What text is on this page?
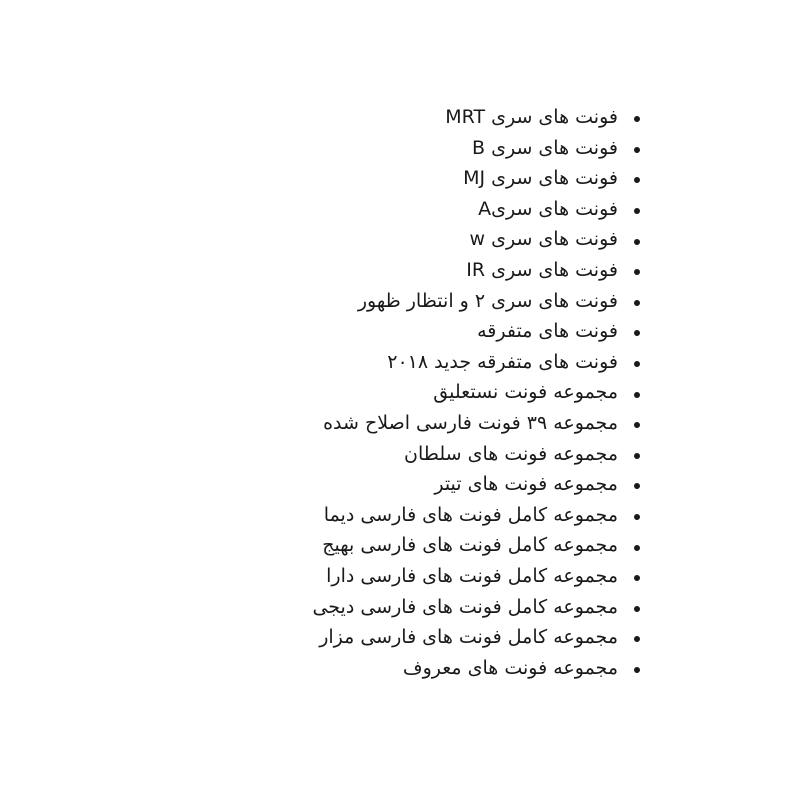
فونت های سری MRT
فونت های سری B
فونت های سری MJ
فونت های سریA
فونت های سری w
فونت های سری IR
فونت های سری ۲ و انتظار ظهور
فونت های متفرقه
فونت های متفرقه جدید ۲۰۱۸
مجموعه فونت نستعلیق
مجموعه ۳۹ فونت فارسی اصلاح شده
مجموعه فونت های سلطان
مجموعه فونت های تیتر
مجموعه کامل فونت های فارسی دیما
مجموعه کامل فونت های فارسی بهیج
مجموعه کامل فونت های فارسی دارا
مجموعه کامل فونت های فارسی دیجی
مجموعه کامل فونت های فارسی مزار
مجموعه فونت های معروف
